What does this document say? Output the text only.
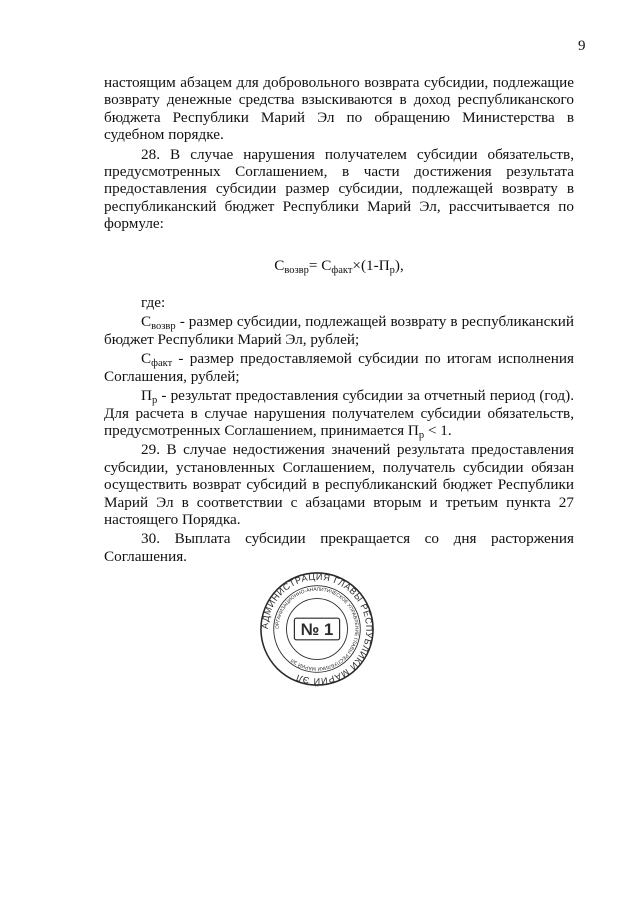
9

настоящим абзацем для добровольного возврата субсидии, подлежащие возврату денежные средства взыскиваются в доход республиканского бюджета Республики Марий Эл по обращению Министерства в судебном порядке.

28. В случае нарушения получателем субсидии обязательств, предусмотренных Соглашением, в части достижения результата предоставления субсидии размер субсидии, подлежащей возврату в республиканский бюджет Республики Марий Эл, рассчитывается по формуле:

$С_{возвр}= С_{факт}\times(1-П_р)$,

где:

$С_{возвр}$ - размер субсидии, подлежащей возврату в республиканский бюджет Республики Марий Эл, рублей;

$С_{факт}$ - размер предоставляемой субсидии по итогам исполнения Соглашения, рублей;

$П_р$ - результат предоставления субсидии за отчетный период (год). Для расчета в случае нарушения получателем субсидии обязательств, предусмотренных Соглашением, принимается $П_р < 1$.

29. В случае недостижения значений результата предоставления субсидии, установленных Соглашением, получатель субсидии обязан осуществить возврат субсидий в республиканский бюджет Республики Марий Эл в соответствии с абзацами вторым и третьим пункта 27 настоящего Порядка.

30. Выплата субсидии прекращается со дня расторжения Соглашения.

АДМИНИСТРАЦИЯ ГЛАВЫ РЕСПУБЛИКИ МАРИЙ ЭЛ
ОРГАНИЗАЦИОННО-АНАЛИТИЧЕСКОЕ УПРАВЛЕНИЕ ГЛАВЫ РЕСПУБЛИКИ МАРИЙ ЭЛ
№ 1
